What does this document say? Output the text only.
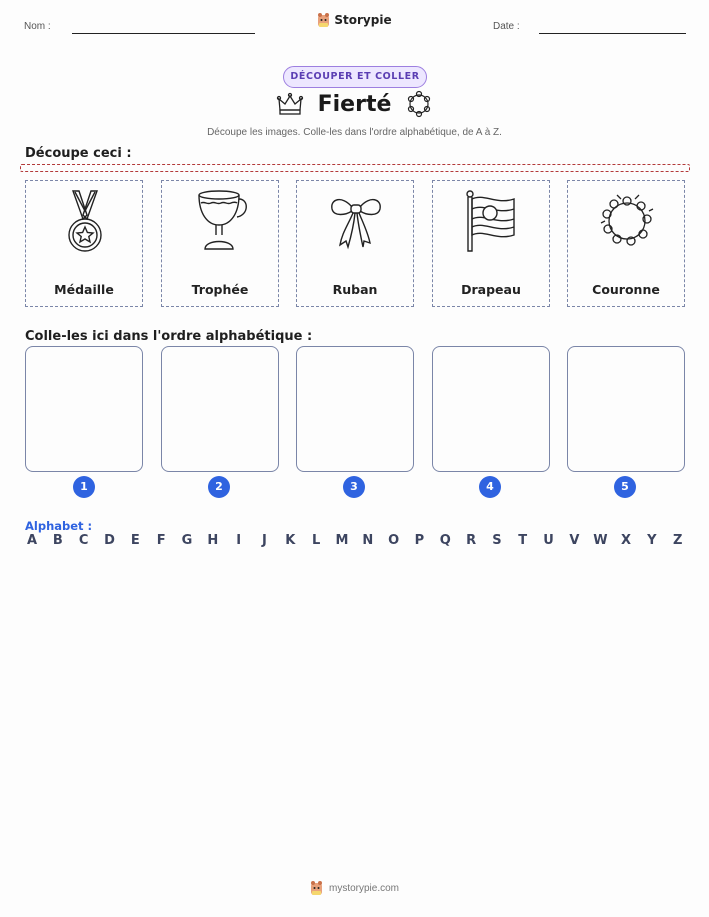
Nom :	Storypie	Date :
DÉCOUPER ET COLLER
Fierté
Découpe les images. Colle-les dans l'ordre alphabétique, de A à Z.
Découpe ceci :
Médaille	Trophée	Ruban	Drapeau	Couronne
Colle-les ici dans l'ordre alphabétique :
1	2	3	4	5
Alphabet :
A B C D E F G H	I	J	K L M N O P Q R S T U V W X Y Z
mystorypie.com
